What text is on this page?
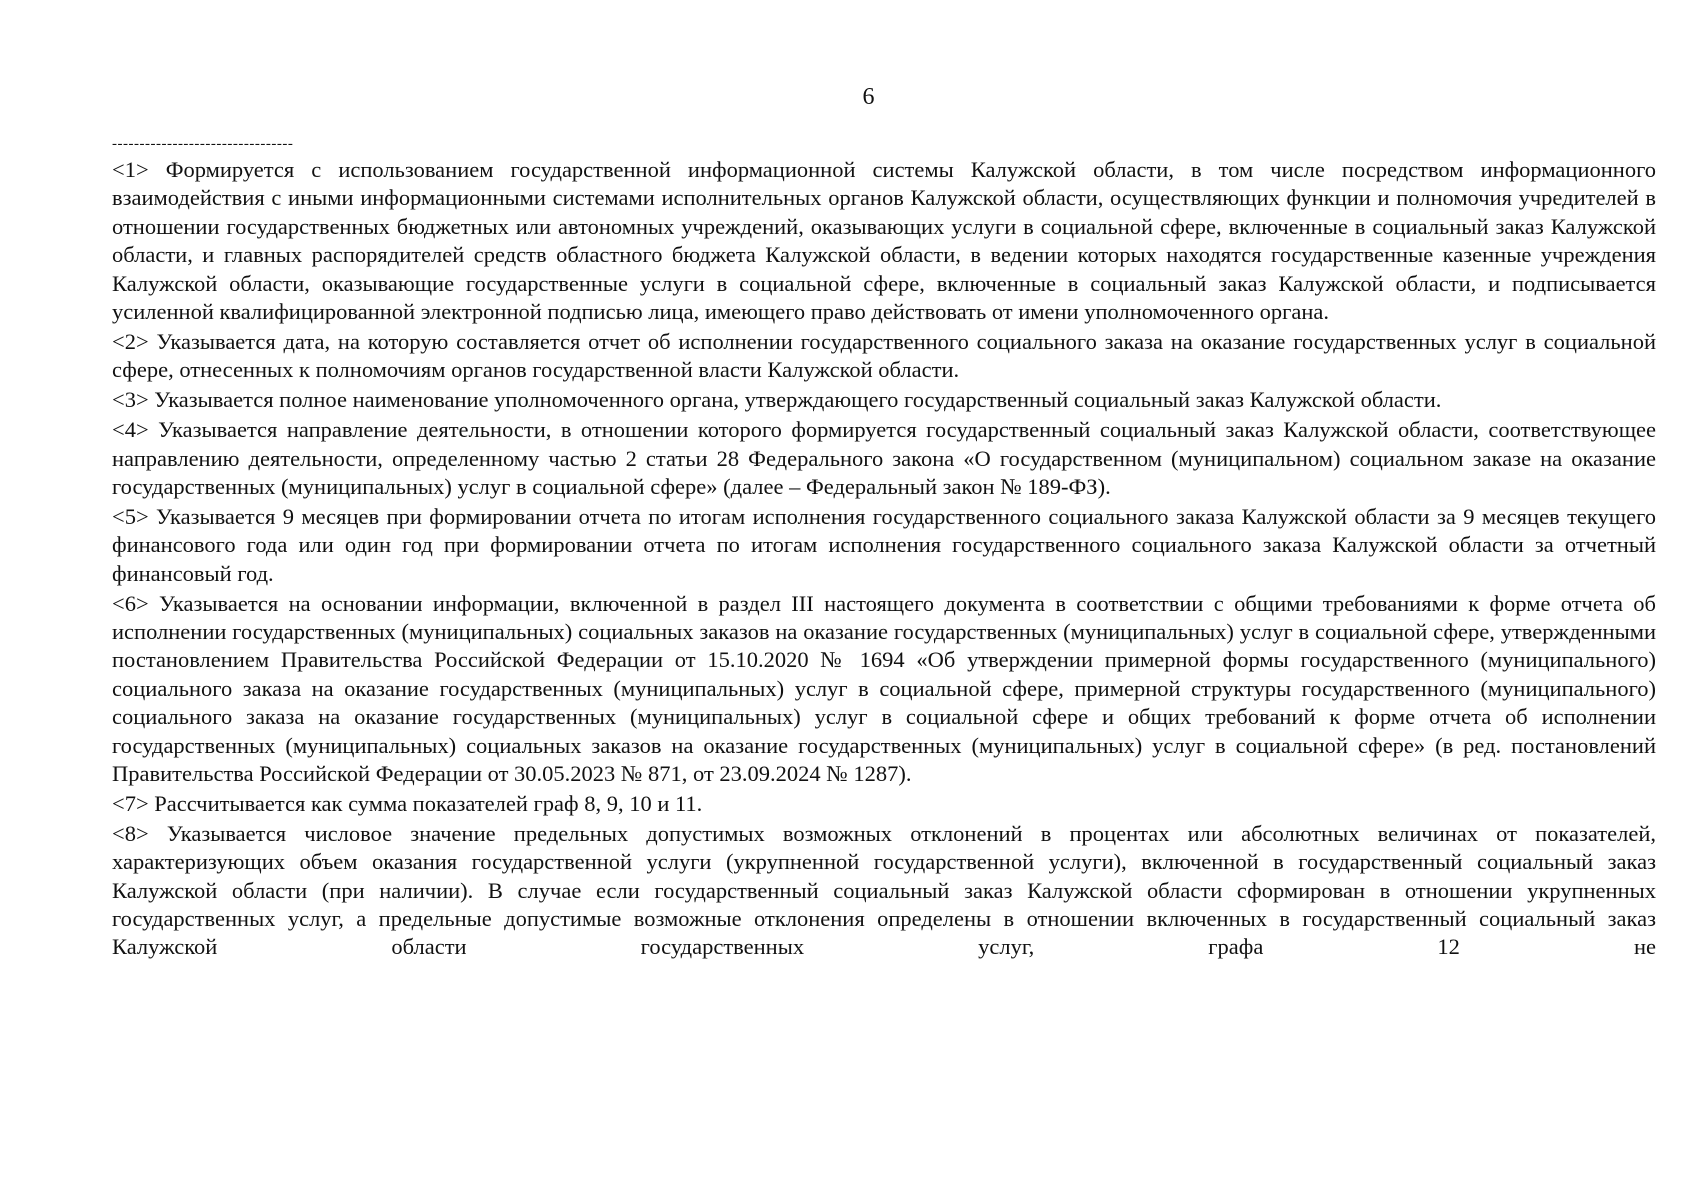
6
---------------------------------

<1> Формируется с использованием государственной информационной системы Калужской области, в том числе посредством информационного взаимодействия с иными информационными системами исполнительных органов Калужской области, осуществляющих функции и полномочия учредителей в отношении государственных бюджетных или автономных учреждений, оказывающих услуги в социальной сфере, включенные в социальный заказ Калужской области, и главных распорядителей средств областного бюджета Калужской области, в ведении которых находятся государственные казенные учреждения Калужской области, оказывающие государственные услуги в социальной сфере, включенные в социальный заказ Калужской области, и подписывается усиленной квалифицированной электронной подписью лица, имеющего право действовать от имени уполномоченного органа.

<2> Указывается дата, на которую составляется отчет об исполнении государственного социального заказа на оказание государственных услуг в социальной сфере, отнесенных к полномочиям органов государственной власти Калужской области.

<3> Указывается полное наименование уполномоченного органа, утверждающего государственный социальный заказ Калужской области.

<4> Указывается направление деятельности, в отношении которого формируется государственный социальный заказ Калужской области, соответствующее направлению деятельности, определенному частью 2 статьи 28 Федерального закона «О государственном (муниципальном) социальном заказе на оказание государственных (муниципальных) услуг в социальной сфере» (далее – Федеральный закон № 189-ФЗ).

<5> Указывается 9 месяцев при формировании отчета по итогам исполнения государственного социального заказа Калужской области за 9 месяцев текущего финансового года или один год при формировании отчета по итогам исполнения государственного социального заказа Калужской области за отчетный финансовый год.

<6> Указывается на основании информации, включенной в раздел III настоящего документа в соответствии с общими требованиями к форме отчета об исполнении государственных (муниципальных) социальных заказов на оказание государственных (муниципальных) услуг в социальной сфере, утвержденными постановлением Правительства Российской Федерации от 15.10.2020 № 1694 «Об утверждении примерной формы государственного (муниципального) социального заказа на оказание государственных (муниципальных) услуг в социальной сфере, примерной структуры государственного (муниципального) социального заказа на оказание государственных (муниципальных) услуг в социальной сфере и общих требований к форме отчета об исполнении государственных (муниципальных) социальных заказов на оказание государственных (муниципальных) услуг в социальной сфере» (в ред. постановлений Правительства Российской Федерации от 30.05.2023 № 871, от 23.09.2024 № 1287).

<7> Рассчитывается как сумма показателей граф 8, 9, 10 и 11.

<8> Указывается числовое значение предельных допустимых возможных отклонений в процентах или абсолютных величинах от показателей, характеризующих объем оказания государственной услуги (укрупненной государственной услуги), включенной в государственный социальный заказ Калужской области (при наличии). В случае если государственный социальный заказ Калужской области сформирован в отношении укрупненных государственных услуг, а предельные допустимые возможные отклонения определены в отношении включенных в государственный социальный заказ Калужской области государственных услуг, графа 12 не
